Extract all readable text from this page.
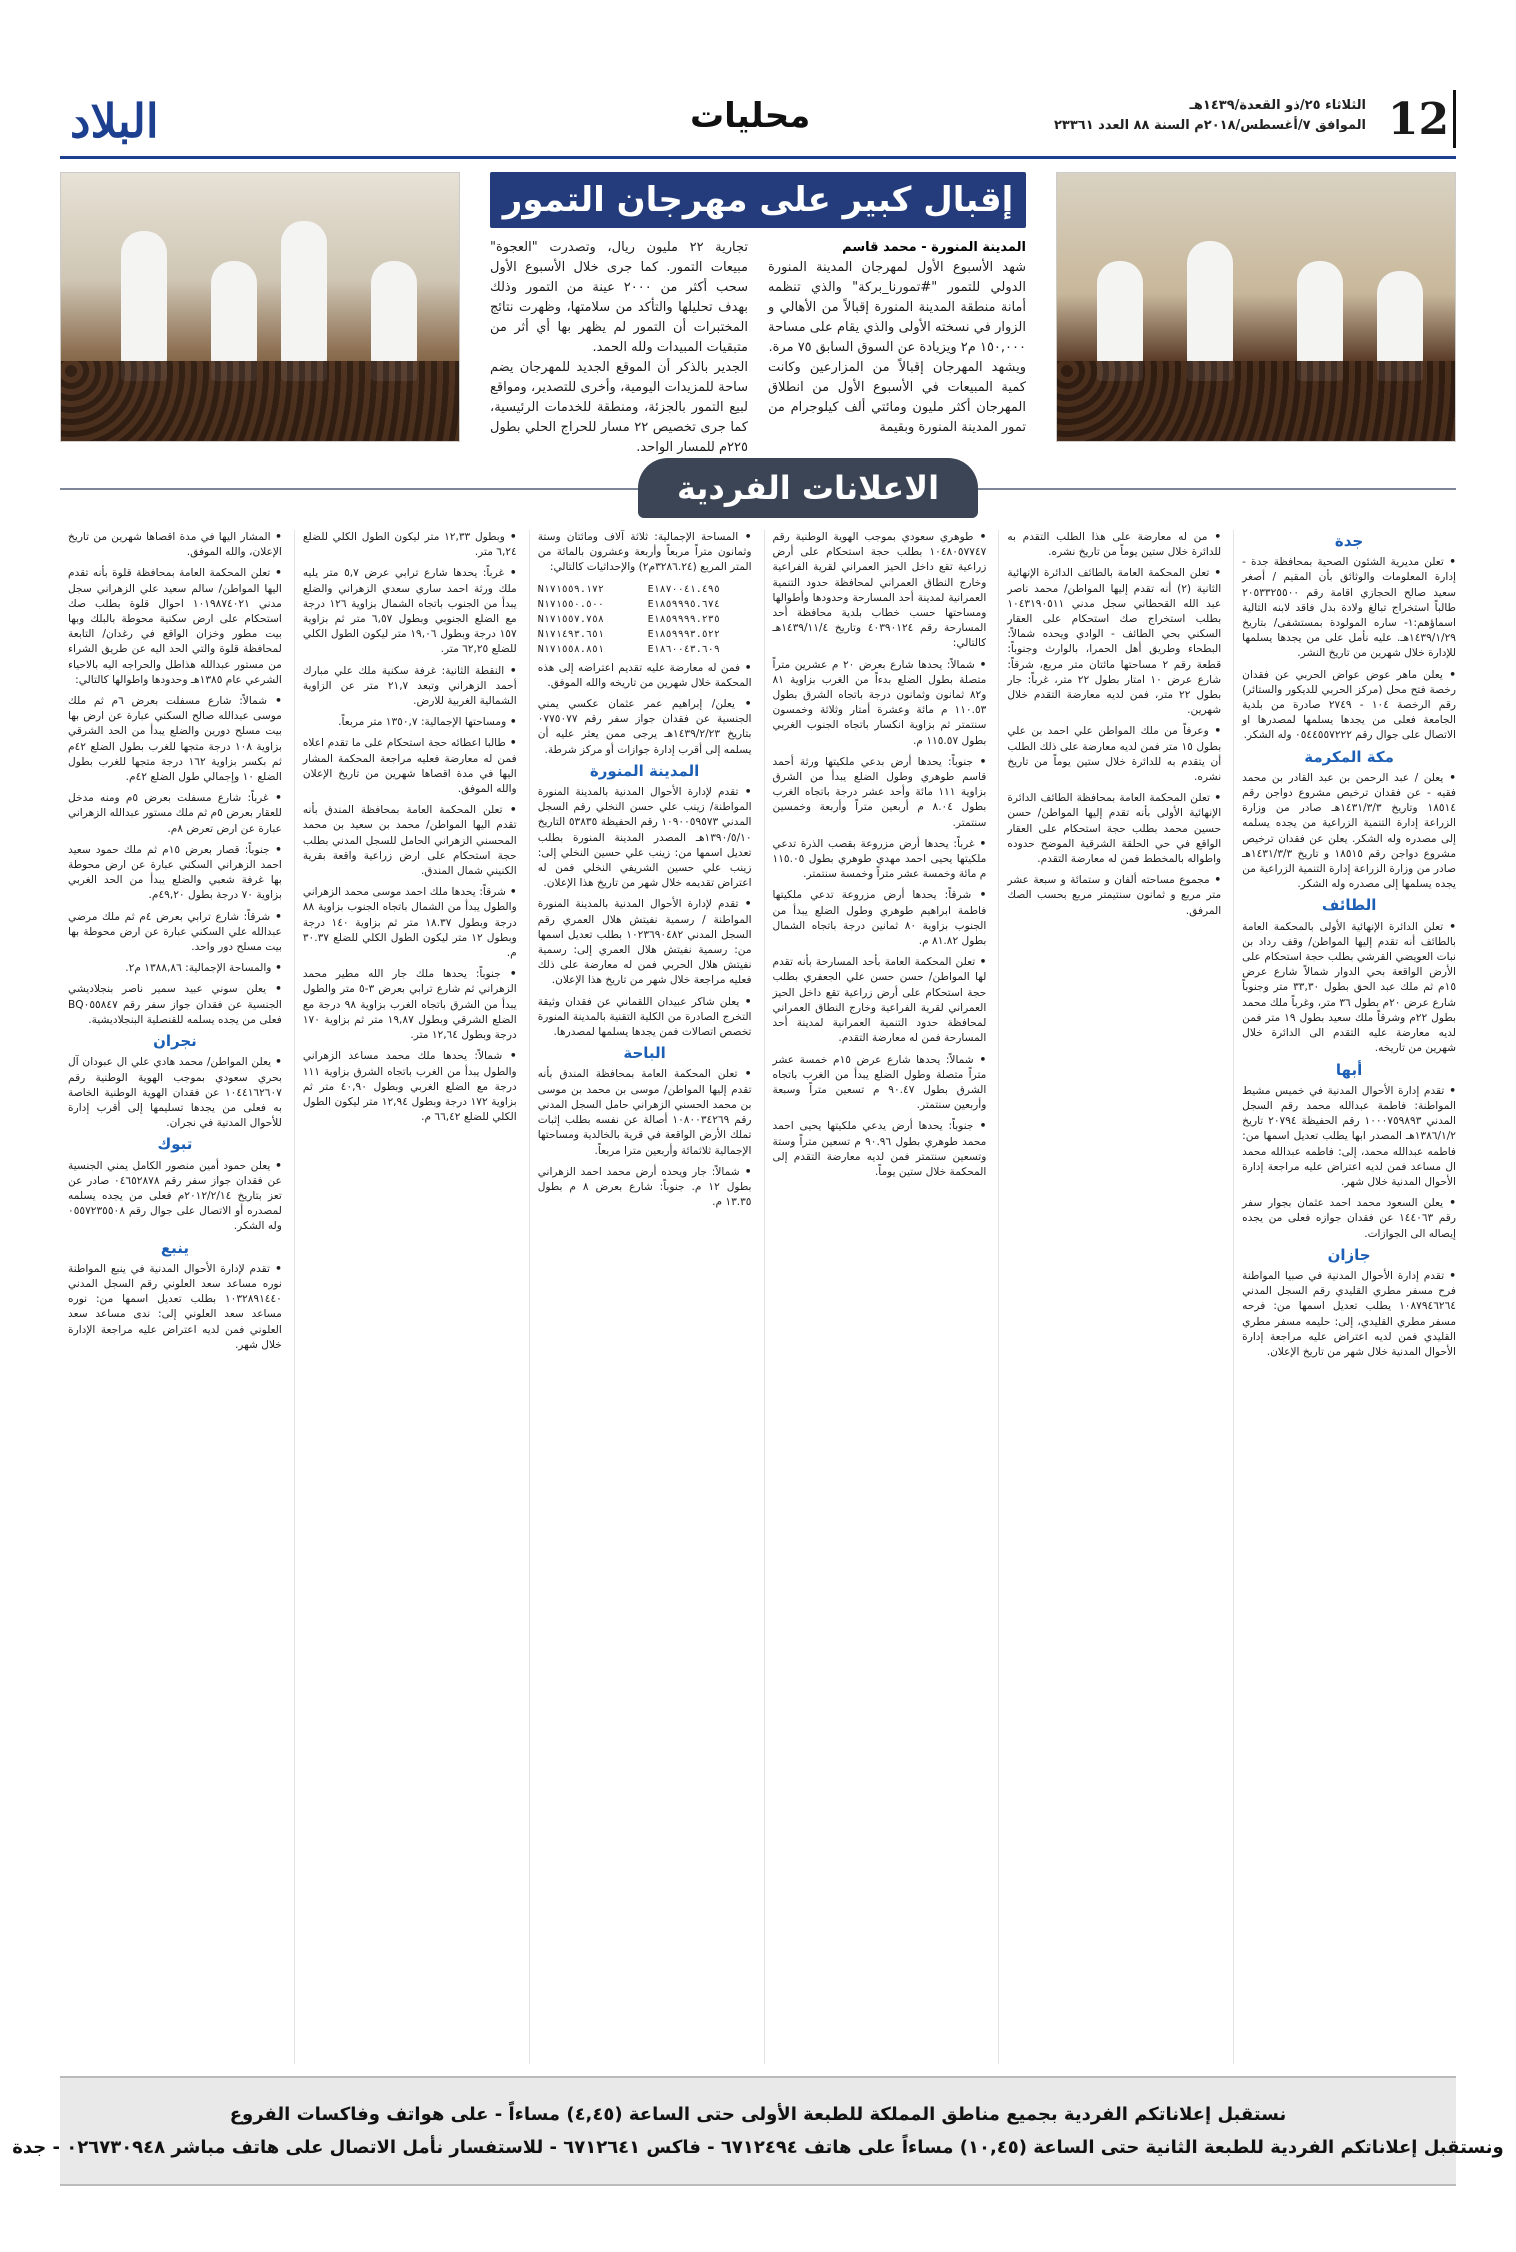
البلاد	محليات	الثلاثاء ٢٥/ذو القعدة/١٤٣٩هـ
الموافق ٧/أغسطس/٢٠١٨م السنة ٨٨ العدد ٢٣٣٦١ 12
إقبال كبير على مهرجان التمور

المدينة المنورة - محمد قاسم

شهد الأسبوع الأول لمهرجان المدينة المنورة الدولي للتمور "#تمورنا_بركة" والذي تنظمه أمانة منطقة المدينة المنورة إقبالاً من الأهالي و الزوار في نسخته الأولى والذي يقام على مساحة ١٥٠,٠٠٠ م٢ ويزيادة عن السوق السابق ٧٥ مرة.

ويشهد المهرجان إقبالاً من المزارعين وكانت كمية المبيعات في الأسبوع الأول من انطلاق المهرجان أكثر مليون ومائتي ألف كيلوجرام من تمور المدينة المنورة وبقيمة

تجارية ٢٢ مليون ريال، وتصدرت "العجوة" مبيعات التمور. كما جرى خلال الأسبوع الأول سحب أكثر من ٢٠٠٠ عينة من التمور وذلك بهدف تحليلها والتأكد من سلامتها، وظهرت نتائج المختبرات أن التمور لم يظهر بها أي أثر من متبقيات المبيدات ولله الحمد.

الجدير بالذكر أن الموقع الجديد للمهرجان يضم ساحة للمزيدات اليومية، وأخرى للتصدير، ومواقع لبيع التمور بالجزئة، ومنطقة للخدمات الرئيسية، كما جرى تخصيص ٢٢ مسار للحراج الحلي بطول ٢٢٥م للمسار الواحد.

الاعلانات الفردية
جدة

• تعلن مديرية الشئون الصحية بمحافظة جدة - إدارة المعلومات والوثائق بأن المقيم / أصغر سعيد صالح الحجازي اقامة رقم ٢٠٥٣٣٢٥٥٠٠ طالباً استخراج تبالغ ولادة بدل فاقد لابنه التالية اسماؤهم:١- ساره المولودة بمستشفى/ بتاريخ ١٤٣٩/١/٢٩هـ. عليه نأمل على من يجدها يسلمها للإدارة خلال شهرين من تاريخ النشر.

• يعلن ماهر عوض عواض الحربي عن فقدان رخصة فتح محل (مركز الحربي للديكور والستائر) رقم الرخصة ١٠٤ - ٢٧٤٩ صادرة من بلدية الجامعة فعلى من يجدها يسلمها لمصدرها او الاتصال على جوال رقم ٠٥٤٤٥٥٧٢٢٢ وله الشكر.

مكة المكرمة

• يعلن / عبد الرحمن بن عبد القادر بن محمد فقيه - عن فقدان ترخيص مشروع دواجن رقم ١٨٥١٤ وتاريخ ١٤٣١/٣/٣هـ صادر من وزارة الزراعة إدارة التنمية الزراعية من يجده يسلمه إلى مصدره وله الشكر. يعلن عن فقدان ترخيص مشروع دواجن رقم ١٨٥١٥ و تاريخ ١٤٣١/٣/٣هـ صادر من وزارة الزراعة إدارة التنمية الزراعية من يجده يسلمها إلى مصدره وله الشكر.

الطائف

• تعلن الدائرة الإنهائية الأولى بالمحكمة العامة بالطائف أنه تقدم إليها المواطن/ وقف رداد بن نبات العويضي القرشي بطلب حجة استحكام على الأرض الواقعة بحي الدوار شمالاً شارع عرض ١٥م ثم ملك عبد الحق بطول ٣٣,٣٠ متر وجنوباً شارع عرض ٢٠م بطول ٣٦ متر، وغرباً ملك محمد بطول ٢٢م وشرقاً ملك سعيد بطول ١٩ متر فمن لديه معارضة عليه التقدم الى الدائرة خلال شهرين من تاريخه.

أبها

• تقدم إدارة الأحوال المدنية في خميس مشيط المواطنة: فاطمة عبدالله محمد رقم السجل المدني ١٠٠٠٧٥٩٨٩٣ رقم الحفيظة ٢٠٧٩٤ تاريخ ١٣٨٦/١/٢هـ المصدر ابها يطلب تعديل اسمها من: فاطمه عبدالله محمد، إلى: فاطمه عبدالله محمد ال مساعد فمن لديه اعتراض عليه مراجعة إدارة الأحوال المدنية خلال شهر.

• يعلن السعود محمد احمد عثمان بجوار سفر رقم ١٤٤٠٦٣ عن فقدان جوازه فعلى من يجده إيصاله الى الجوازات.

جازان

• تقدم إدارة الأحوال المدنية في صبيا المواطنة فرح مسفر مطري القليدي رقم السجل المدني ١٠٨٧٩٤٦٢٦٤ يطلب تعديل اسمها من: فرحه مسفر مطري القليدي، إلى: حليمه مسفر مطري القليدي فمن لديه اعتراض عليه مراجعة إدارة الأحوال المدنية خلال شهر من تاريخ الإعلان.

• من له معارضة على هذا الطلب التقدم به للدائرة خلال ستين يوماً من تاريخ نشره.

• تعلن المحكمة العامة بالطائف الدائرة الإنهائية الثانية (٢) أنه تقدم إليها المواطن/ محمد ناصر عبد الله القحطاني سجل مدني ١٠٤٣١٩٠٥١١ بطلب استخراج صك استحكام على العقار السكني بحي الطائف - الوادي ويحده شمالاً: البطحاء وطريق أهل الحمرا، بالوارث وجنوباً: قطعة رقم ٢ مساحتها مائتان متر مربع، شرقاً: شارع عرض ١٠ امتار بطول ٢٢ متر، غرباً: جار بطول ٢٢ متر، فمن لديه معارضة التقدم خلال شهرين.

• وعرفاً من ملك المواطن علي احمد بن علي بطول ١٥ متر فمن لديه معارضة على ذلك الطلب أن يتقدم به للدائرة خلال ستين يوماً من تاريخ نشره.

• تعلن المحكمة العامة بمحافظة الطائف الدائرة الإنهائية الأولى بأنه تقدم إليها المواطن/ حسن حسين محمد بطلب حجة استحكام على العقار الواقع في حي الحلقة الشرقية الموضح حدوده واطواله بالمخطط فمن له معارضة التقدم.

• مجموع مساحته ألفان و ستمائة و سبعة عشر متر مربع و ثمانون سنتيمتر مربع بحسب الصك المرفق.

• طوهري سعودي بموجب الهوية الوطنية رقم ١٠٤٨٠٥٧٧٤٧ بطلب حجة استحكام على أرض زراعية تقع داخل الحيز العمراني لقرية الفراعية وخارج النطاق العمراني لمحافظة حدود التنمية العمرانية لمدينة أحد المسارحة وحدودها وأطوالها ومساحتها حسب خطاب بلدية محافظة أحد المسارحة رقم ٤٠٣٩٠١٢٤ وتاريخ ١٤٣٩/١١/٤هـ كالتالي:

• شمالاً: يحدها شارع بعرض ٢٠ م عشرين متراً متصلة بطول الضلع بدءاً من الغرب بزاوية ٨١ و٨٢ ثمانون وثمانون درجة باتجاه الشرق بطول ١١٠.٥٣ م مائة وعشرة أمتار وثلاثة وخمسون سنتمتر ثم بزاوية انكسار باتجاه الجنوب الغربي بطول ١١٥.٥٧ م.

• جنوباً: يحدها أرض بدعي ملكيتها ورثة أحمد قاسم طوهري وطول الضلع يبدأ من الشرق بزاوية ١١١ مائة وأحد عشر درجة باتجاه الغرب بطول ٨.٠٤ م أربعين متراً وأربعة وخمسين سنتمتر.

• غرباً: يحدها أرض مزروعة بقصب الذرة تدعي ملكيتها يحيى احمد مهدي طوهري بطول ١١٥.٠٥ م مائة وخمسة عشر متراً وخمسة سنتمتر.

• شرقاً: يحدها أرض مزروعة تدعي ملكيتها فاطمة ابراهيم طوهري وطول الضلع يبدأ من الجنوب بزاوية ٨٠ ثمانين درجة باتجاه الشمال بطول ٨١.٨٢ م.

• تعلن المحكمة العامة بأحد المسارحة بأنه تقدم لها المواطن/ حسن حسن علي الجعفري بطلب حجة استحكام على أرض زراعية تقع داخل الحيز العمراني لقرية الفراعية وخارج النطاق العمراني لمحافظة حدود التنمية العمرانية لمدينة أحد المسارحة فمن له معارضة التقدم.

• شمالاً: يحدها شارع عرض ١٥م خمسة عشر متراً متصلة وطول الضلع يبدأ من الغرب باتجاه الشرق بطول ٩٠.٤٧ م تسعين متراً وسبعة وأربعين سنتمتر.

• جنوباً: يحدها أرض يدعي ملكيتها يحيى احمد محمد طوهري بطول ٩٠.٩٦ م تسعين متراً وستة وتسعين سنتمتر فمن لديه معارضة التقدم إلى المحكمة خلال ستين يوماً.

• المساحة الإجمالية: ثلاثة آلاف ومائتان وستة وثمانون متراً مربعاً وأربعة وعشرون بالمائة من المتر المربع (٣٢٨٦.٢٤م٢) والإحداثيات كالتالي:

N١٧١٥٥٩.١٧٢	E١٨٧٠٠٤١.٤٩٥
N١٧١٥٥٠.٥٠٠	E١٨٥٩٩٩٥.٦٧٤
N١٧١٥٥٧.٧٥٨	E١٨٥٩٩٩٩.٢٣٥
N١٧١٤٩٣.٦٥١	E١٨٥٩٩٩٣.٥٢٢
N١٧١٥٥٨.٨٥١	E١٨٦٠٠٤٣.٦٠٩

• فمن له معارضة عليه تقديم اعتراضه إلى هذه المحكمة خلال شهرين من تاريخه والله الموفق.

• يعلن/ إبراهيم عمر عثمان عكسي يمني الجنسية عن فقدان جواز سفر رقم ٠٧٧٥٠٧٧ بتاريخ ١٤٣٩/٢/٢٣هـ يرجى ممن يعثر عليه أن يسلمه إلى أقرب إدارة جوازات أو مركز شرطة.

المدينة المنورة

• تقدم لإدارة الأحوال المدنية بالمدينة المنورة المواطنة/ زينب علي حسن النخلي رقم السجل المدني ١٠٩٠٠٥٩٥٧٣ رقم الحفيظة ٥٣٨٣٥ التاريخ ١٣٩٠/٥/١٠هـ المصدر المدينة المنورة بطلب تعديل اسمها من: زينب علي حسين النخلي إلى: زينب علي حسين الشريفي النخلي فمن له اعتراض تقديمه خلال شهر من تاريخ هذا الإعلان.

• تقدم لإدارة الأحوال المدنية بالمدينة المنورة المواطنة / رسمية نفيتش هلال العمري رقم السجل المدني ١٠٢٣٦٩٠٤٨٢ بطلب تعديل اسمها من: رسمية نفيتش هلال العمري إلى: رسمية نفيتش هلال الحربي فمن له معارضة على ذلك فعليه مراجعة خلال شهر من تاريخ هذا الإعلان.

• يعلن شاكر عبيدان اللقماني عن فقدان وثيقة التخرج الصادرة من الكلية التقنية بالمدينة المنورة تخصص اتصالات فمن يجدها يسلمها لمصدرها.

الباحة

• تعلن المحكمة العامة بمحافظة المندق بأنه تقدم إليها المواطن/ موسى بن محمد بن موسى بن محمد الحسني الزهراني حامل السجل المدني رقم ١٠٨٠٠٣٤٢٦٩ أصالة عن نفسه بطلب إثبات تملك الأرض الواقعة في قرية بالخالدية ومساحتها الإجمالية ثلاثمائة وأربعين مترا مربعاً.

• شمالاً: جار ويحده أرض محمد احمد الزهراني بطول ١٢ م. جنوباً: شارع بعرض ٨ م بطول ١٣.٣٥ م.

• وبطول ١٢,٣٣ متر ليكون الطول الكلي للضلع ٦,٢٤ متر.

• غرباً: يحدها شارع ترابي عرض ٥,٧ متر يليه ملك ورثة احمد ساري سعدي الزهراني والضلع يبدأ من الجنوب باتجاه الشمال بزاوية ١٢٦ درجة مع الضلع الجنوبي وبطول ٦,٥٧ متر ثم بزاوية ١٥٧ درجة وبطول ١٩,٠٦ متر ليكون الطول الكلي للضلع ٦٢,٢٥ متر.

• النقطة الثانية: غرفة سكنية ملك علي مبارك أحمد الزهراني وتبعد ٢١,٧ متر عن الزاوية الشمالية الغربية للارض.

• ومساحتها الإجمالية: ١٣٥٠,٧ متر مربعاً.

• طالبا اعطائه حجة استحكام على ما تقدم اعلاه فمن له معارضة فعليه مراجعة المحكمة المشار اليها في مدة اقصاها شهرين من تاريخ الإعلان والله الموفق.

• تعلن المحكمة العامة بمحافظة المندق بأنه تقدم اليها المواطن/ محمد بن سعيد بن محمد المحسني الزهراني الحامل للسجل المدني بطلب حجة استحكام على ارض زراعية واقعة بقرية الكنيني شمال المندق.

• شرقاً: يحدها ملك احمد موسى محمد الزهراني والطول يبدأ من الشمال باتجاه الجنوب بزاوية ٨٨ درجة وبطول ١٨.٣٧ متر ثم بزاوية ١٤٠ درجة وبطول ١٢ متر ليكون الطول الكلي للضلع ٣٠.٣٧ م.

• جنوباً: يحدها ملك جار الله مطير محمد الزهراني ثم شارع ترابي بعرض ٣-٥ متر والطول يبدأ من الشرق باتجاه الغرب بزاوية ٩٨ درجة مع الضلع الشرقي وبطول ١٩,٨٧ متر ثم بزاوية ١٧٠ درجة وبطول ١٢,٦٤ متر.

• شمالاً: يحدها ملك محمد مساعد الزهراني والطول يبدأ من الغرب باتجاه الشرق بزاوية ١١١ درجة مع الضلع الغربي وبطول ٤٠,٩٠ متر ثم بزاوية ١٧٢ درجة وبطول ١٢,٩٤ متر ليكون الطول الكلي للضلع ٦٦,٤٢ م.

• المشار اليها في مدة اقصاها شهرين من تاريخ الإعلان، والله الموفق.

• تعلن المحكمة العامة بمحافظة قلوة بأنه تقدم اليها المواطن/ سالم سعيد علي الزهراني سجل مدني ١٠١٩٨٧٤٠٢١ احوال قلوة بطلب صك استحكام على ارض سكنية محوطة بالبلك وبها بيت مطور وخزان الواقع في رغدان/ التابعة لمحافظة قلوة والتي الحد اليه عن طريق الشراء من مستور عبدالله هذاطل والحراجه اليه بالاحياء الشرعي عام ١٣٨٥هـ وحدودها واطوالها كالتالي:

• شمالاً: شارع مسفلت بعرض ٦م ثم ملك موسى عبدالله صالح السكني عبارة عن ارض بها بيت مسلح دورين والضلع يبدأ من الحد الشرقي بزاوية ١٠٨ درجة متجها للغرب بطول الضلع ٤٢م ثم بكسر بزاوية ١٦٢ درجة متجها للغرب بطول الضلع ١٠ وإجمالي طول الضلع ٤٢م.

• غرباً: شارع مسفلت بعرض ٥م ومنه مدخل للعقار بعرض ٥م ثم ملك مستور عبدالله الزهراني عبارة عن ارض تعرض ٨م.

• جنوباً: قصار بعرض ١٥م ثم ملك حمود سعيد احمد الزهراني السكني عبارة عن ارض محوطة بها غرفة شعبي والضلع يبدأ من الحد الغربي بزاوية ٧٠ درجة بطول ٤٩,٢٠م.

• شرقاً: شارع ترابي بعرض ٤م ثم ملك مرضي عبدالله علي السكني عبارة عن ارض محوطة بها بيت مسلح دور واحد.

• والمساحة الإجمالية: ١٣٨٨,٨٦ م٢.

• يعلن سوني عبيد سمير ناصر بنجلاديشي الجنسية عن فقدان جواز سفر رقم BQ٠٥٥٨٤٧ فعلى من يجده يسلمه للقنصلية البنجلاديشية.

نجران

• يعلن المواطن/ محمد هادي علي ال عبودان آل بحري سعودي بموجب الهوية الوطنية رقم ١٠٤٤١٦٢٦٠٧ عن فقدان الهوية الوطنية الخاصة به فعلى من يجدها تسليمها إلى أقرب إدارة للأحوال المدنية في نجران.

تبوك

• يعلن حمود أمين منصور الكامل يمني الجنسية عن فقدان جواز سفر رقم ٠٤٦٥٢٨٧٨ صادر عن تعز بتاريخ ٢٠١٢/٢/١٤م فعلى من يجده يسلمه لمصدره أو الاتصال على جوال رقم ٠٥٥٧٢٣٥٥٠٨ وله الشكر.

ينبع

• تقدم لإدارة الأحوال المدنية في ينبع المواطنة نوره مساعد سعد العلوني رقم السجل المدني ١٠٣٢٨٩١٤٤٠ بطلب تعديل اسمها من: نوره مساعد سعد العلوني إلى: ندى مساعد سعد العلوني فمن لديه اعتراض عليه مراجعة الإدارة خلال شهر.

نستقبل إعلاناتكم الفردية بجميع مناطق المملكة للطبعة الأولى حتى الساعة (٤,٤٥) مساءاً - على هواتف وفاكسات الفروع
ونستقبل إعلاناتكم الفردية للطبعة الثانية حتى الساعة (١٠,٤٥) مساءاً على هاتف ٦٧١٢٤٩٤ - فاكس ٦٧١٢٦٤١ - للاستفسار نأمل الاتصال على هاتف مباشر ٠٢٦٧٣٠٩٤٨ - جدة
